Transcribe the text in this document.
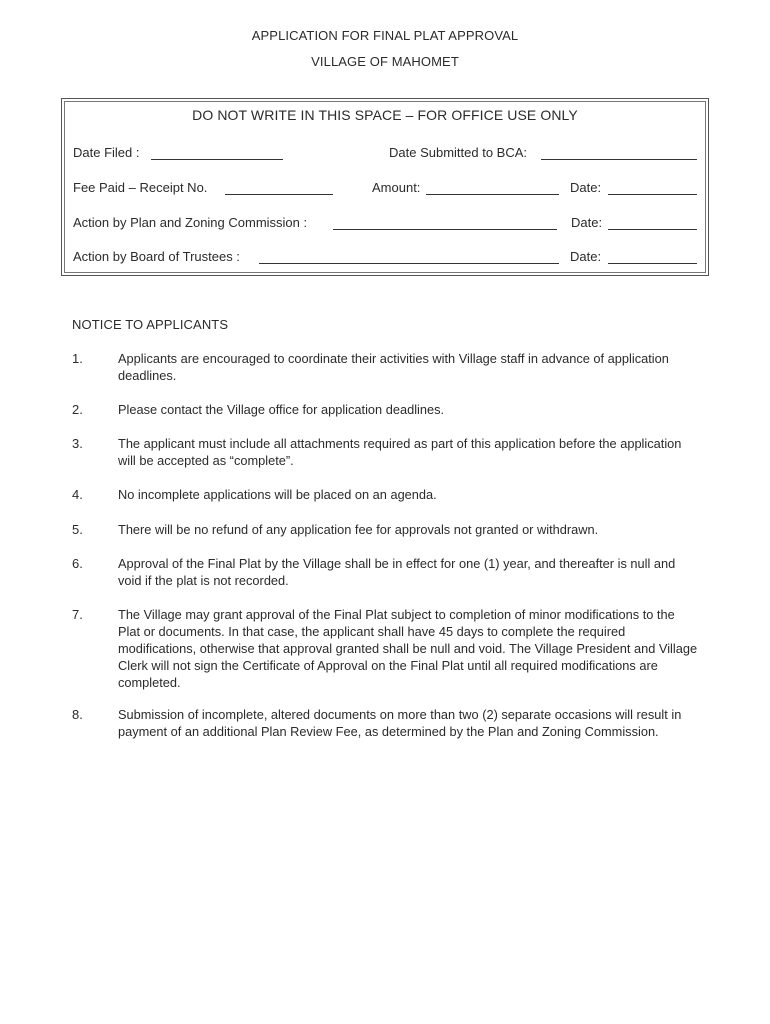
APPLICATION FOR FINAL PLAT APPROVAL
VILLAGE OF MAHOMET
DO NOT WRITE IN THIS SPACE – FOR OFFICE USE ONLY
Date Filed :	Date Submitted to BCA:
Fee Paid – Receipt No.	Amount:	Date:
Action by Plan and Zoning Commission :	Date:
Action by Board of Trustees :	Date:
NOTICE TO APPLICANTS
1.	Applicants are encouraged to coordinate their activities with Village staff in advance of application deadlines.
2.	Please contact the Village office for application deadlines.
3.	The applicant must include all attachments required as part of this application before the application will be accepted as “complete”.
4.	No incomplete applications will be placed on an agenda.
5.	There will be no refund of any application fee for approvals not granted or withdrawn.
6.	Approval of the Final Plat by the Village shall be in effect for one (1) year, and thereafter is null and void if the plat is not recorded.
7.	The Village may grant approval of the Final Plat subject to completion of minor modifications to the Plat or documents. In that case, the applicant shall have 45 days to complete the required modifications, otherwise that approval granted shall be null and void. The Village President and Village Clerk will not sign the Certificate of Approval on the Final Plat until all required modifications are completed.
8.	Submission of incomplete, altered documents on more than two (2) separate occasions will result in payment of an additional Plan Review Fee, as determined by the Plan and Zoning Commission.
